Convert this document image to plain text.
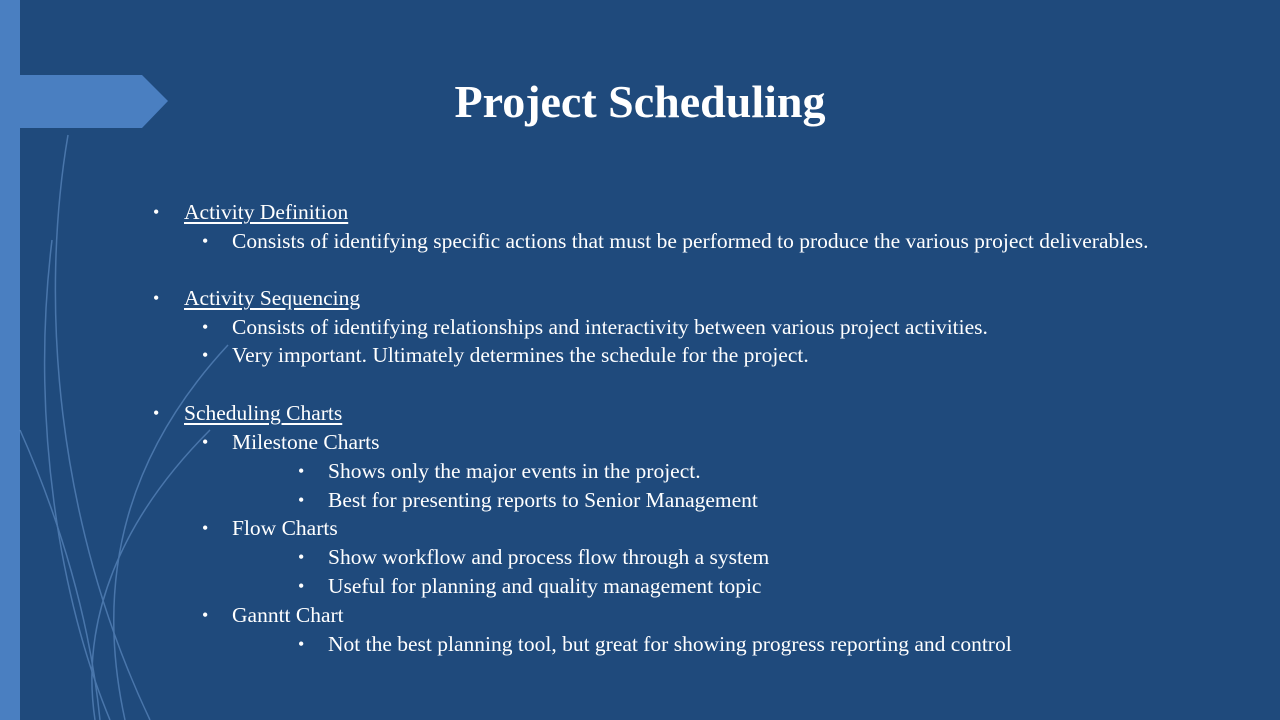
Project Scheduling
• Activity Definition
• Consists of identifying specific actions that must be performed to produce the various project deliverables.
• Activity Sequencing
• Consists of identifying relationships and interactivity between various project activities.
• Very important. Ultimately determines the schedule for the project.
• Scheduling Charts
• Milestone Charts
• Shows only the major events in the project.
• Best for presenting reports to Senior Management
• Flow Charts
• Show workflow and process flow through a system
• Useful for planning and quality management topic
• Ganntt Chart
• Not the best planning tool, but great for showing progress reporting and control
